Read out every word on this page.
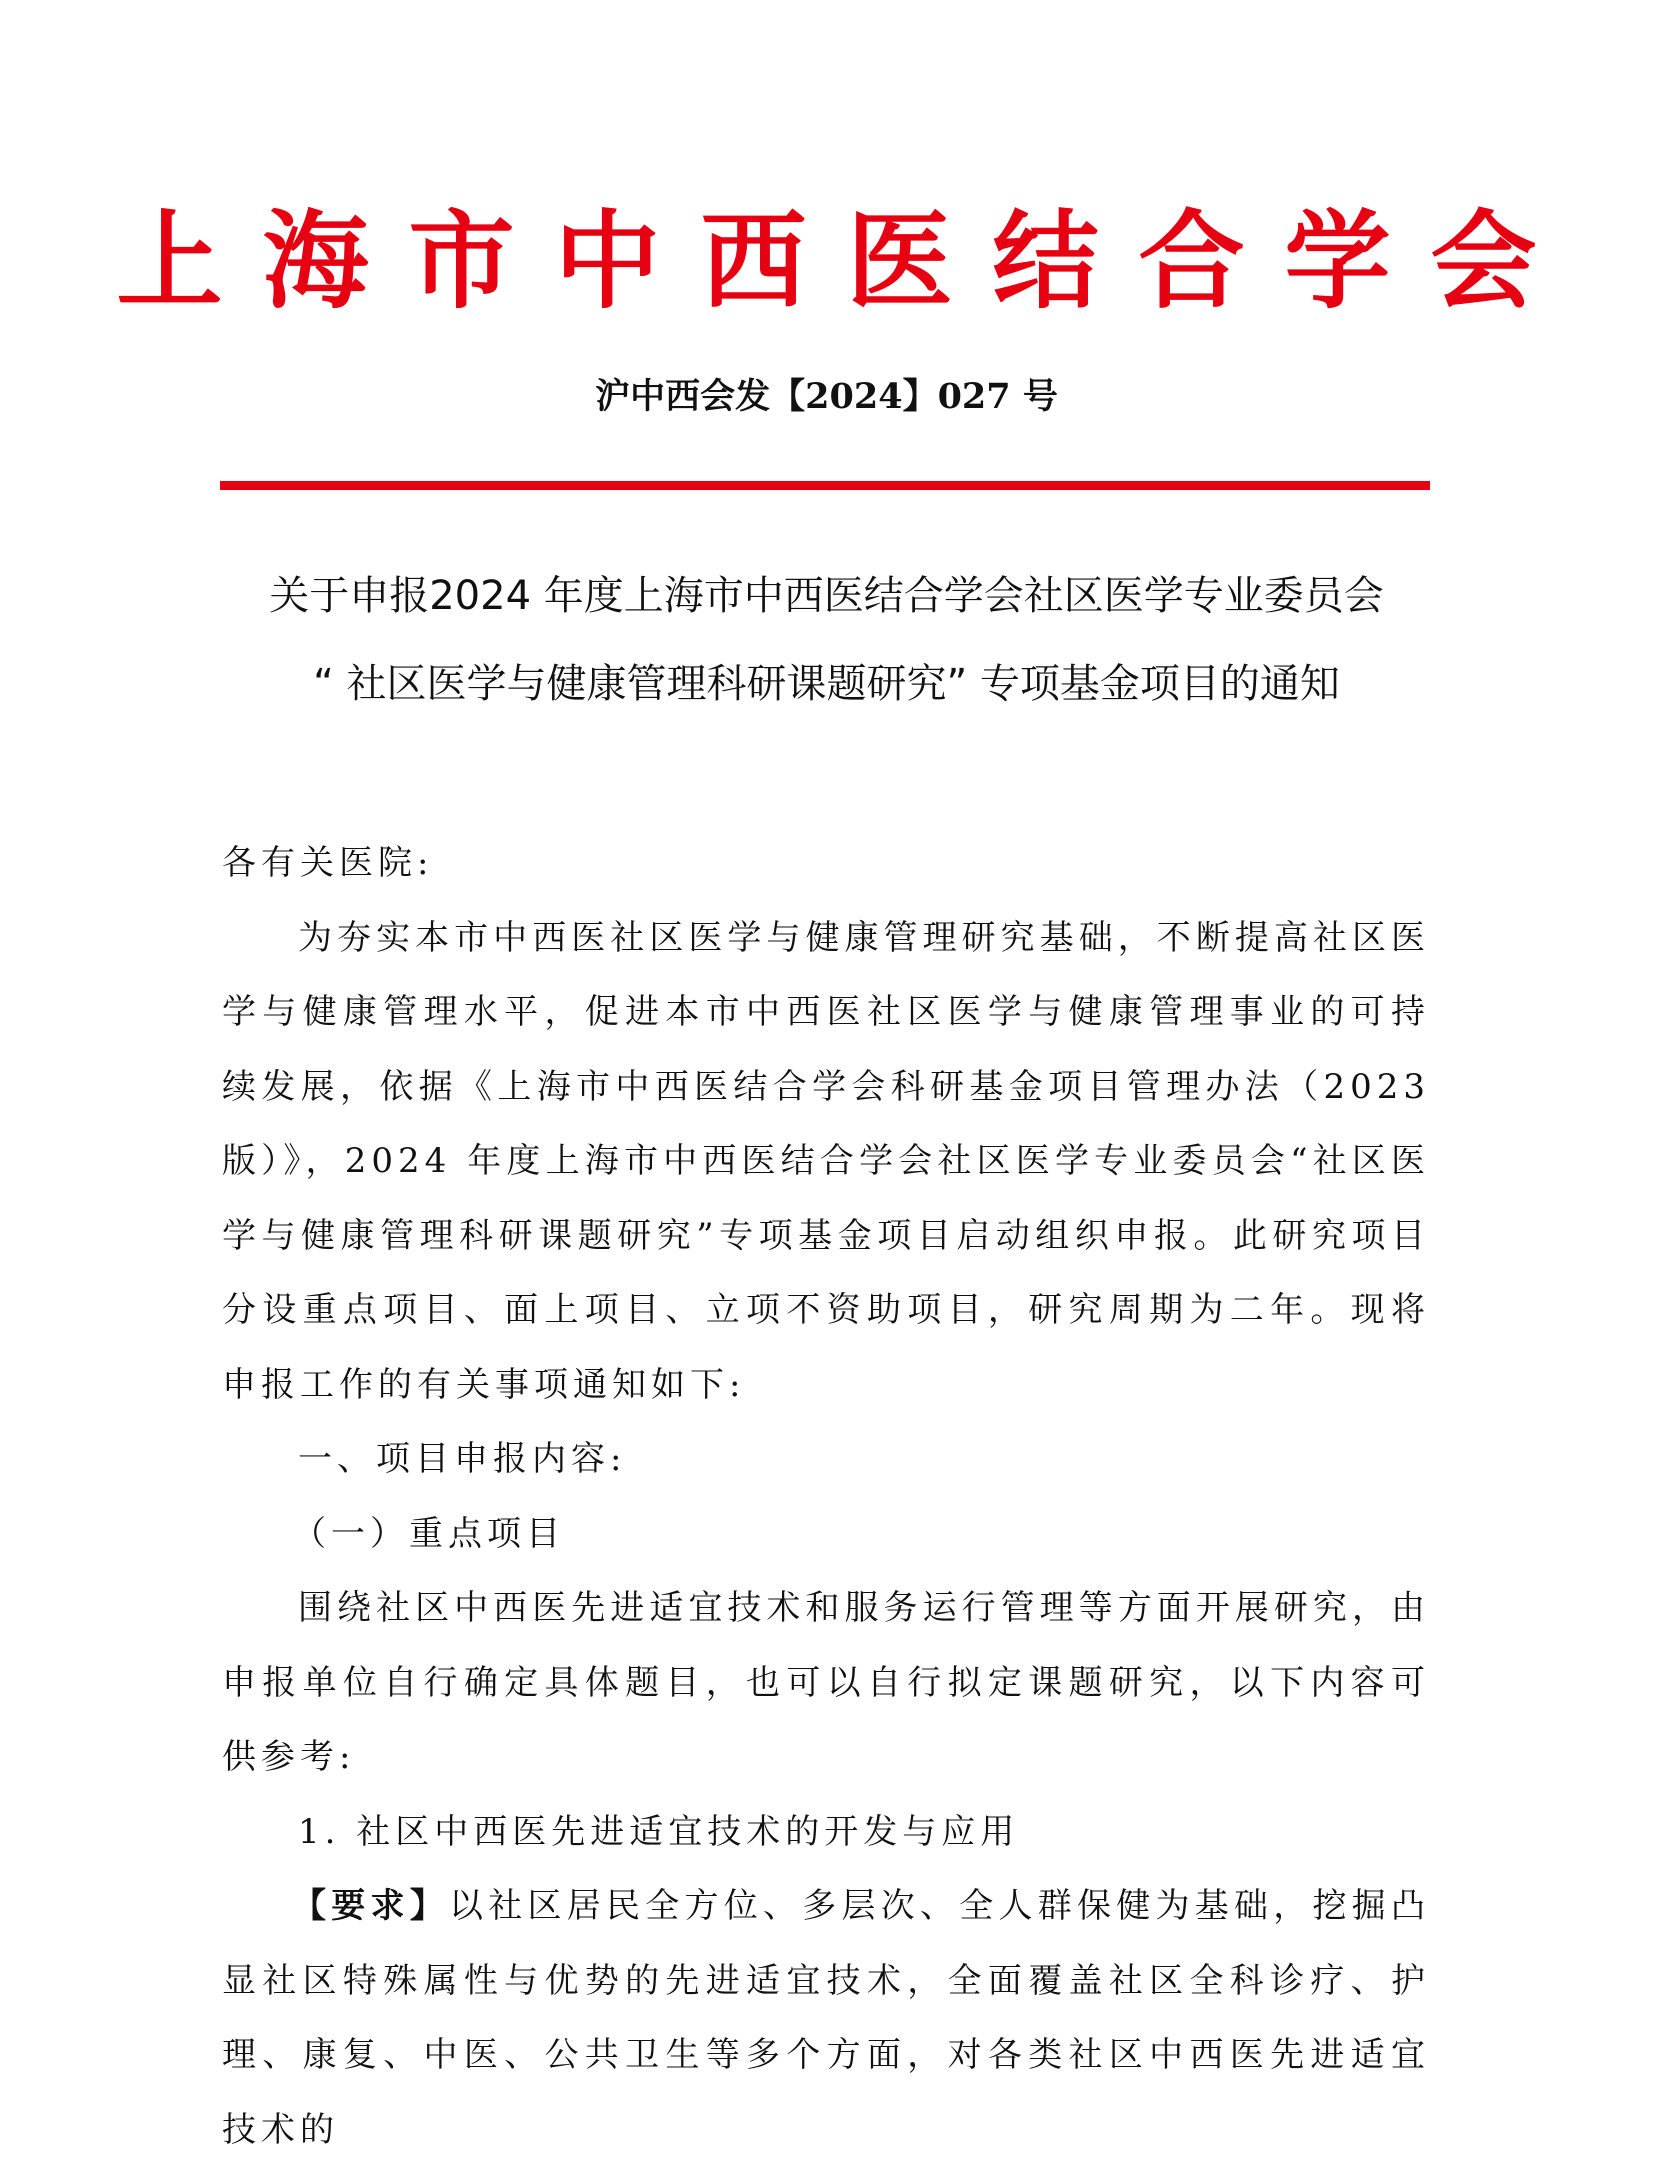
上海市中西医结合学会
沪中西会发【2024】027 号
关于申报2024 年度上海市中西医结合学会社区医学专业委员会
“ 社区医学与健康管理科研课题研究” 专项基金项目的通知

各有关医院:

为夯实本市中西医社区医学与健康管理研究基础，不断提高社区医学与健康管理水平，促进本市中西医社区医学与健康管理事业的可持续发展，依据《上海市中西医结合学会科研基金项目管理办法（2023 版）》，2024 年度上海市中西医结合学会社区医学专业委员会“社区医学与健康管理科研课题研究”专项基金项目启动组织申报。此研究项目分设重点项目、面上项目、立项不资助项目，研究周期为二年。现将申报工作的有关事项通知如下:

一、项目申报内容:

（一）重点项目

围绕社区中西医先进适宜技术和服务运行管理等方面开展研究，由申报单位自行确定具体题目，也可以自行拟定课题研究，以下内容可供参考:

1. 社区中西医先进适宜技术的开发与应用

【要求】以社区居民全方位、多层次、全人群保健为基础，挖掘凸显社区特殊属性与优势的先进适宜技术，全面覆盖社区全科诊疗、护理、康复、中医、公共卫生等多个方面，对各类社区中西医先进适宜技术的
